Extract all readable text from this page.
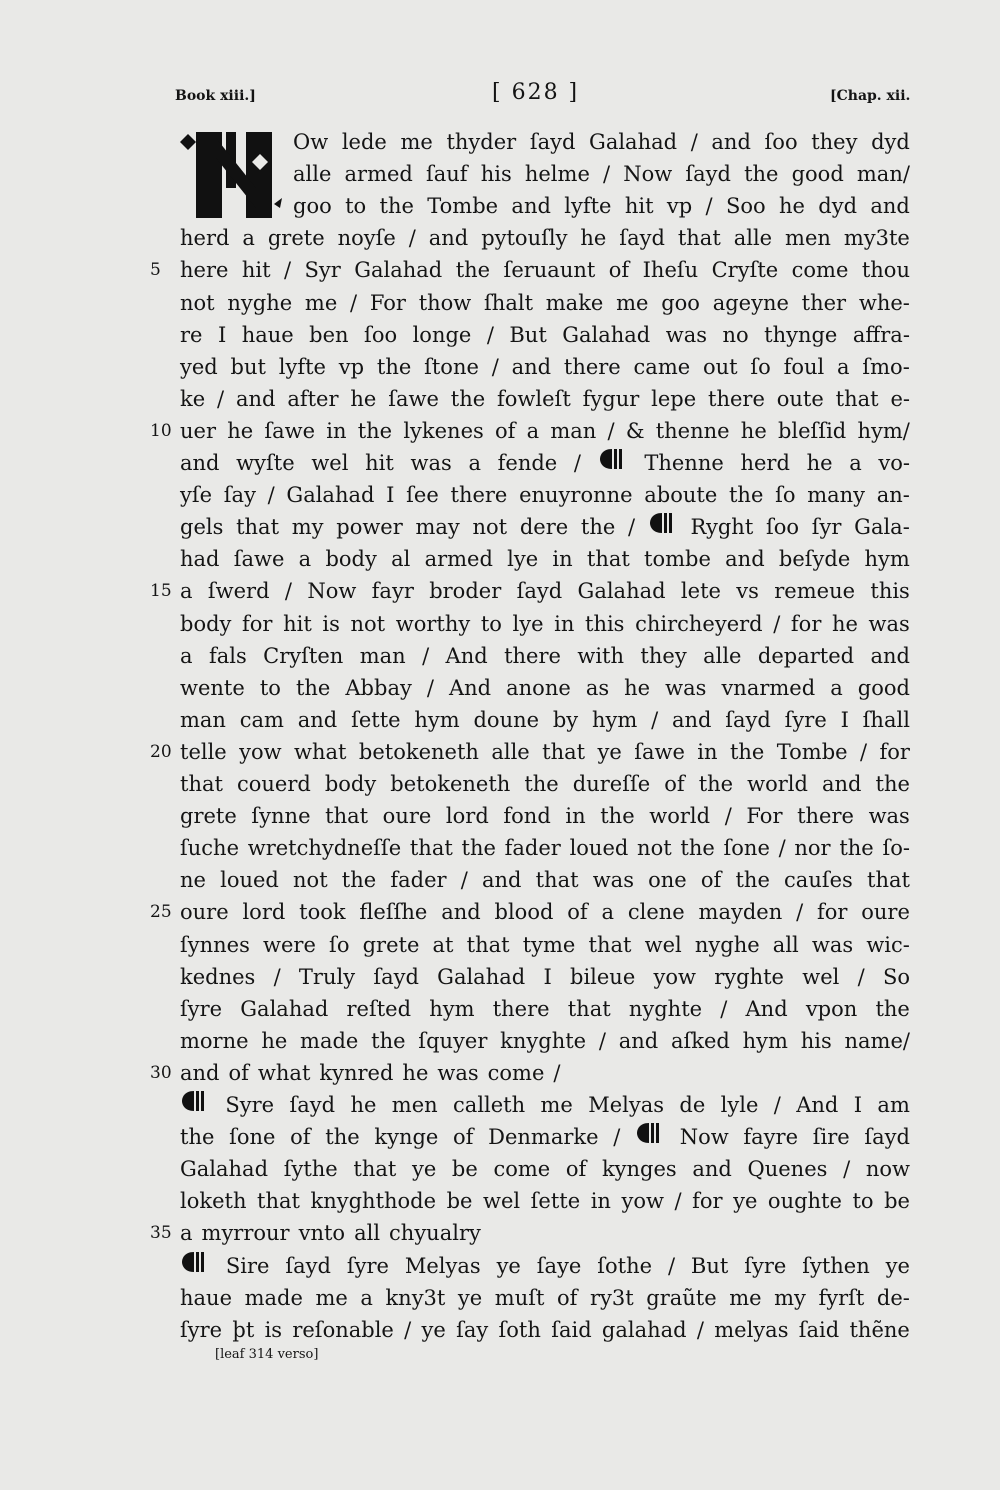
Book xiii.]	[ 628 ]	[Chap. xii.
Ow lede me thyder ſayd Galahad / and ſoo they dyd
alle armed ſauf his helme / Now ſayd the good man/
goo to the Tombe and lyfte hit vp / Soo he dyd and
herd a grete noyſe / and pytouſly he ſayd that alle men my3te
here hit / Syr Galahad the ſeruaunt of Iheſu Cryſte come thou
5
not nyghe me / For thow ſhalt make me goo ageyne ther whe-
re I haue ben ſoo longe / But Galahad was no thynge affra-
yed but lyfte vp the ſtone / and there came out ſo foul a ſmo-
ke / and after he ſawe the fowleſt fygur lepe there oute that e-
uer he ſawe in the lykenes of a man / & thenne he bleſſid hym/
10
and wyſte wel hit was a fende /	Thenne herd he a vo-
yſe ſay / Galahad I ſee there enuyronne aboute the ſo many an-
gels that my power may not dere the /	Ryght ſoo ſyr Gala-
had ſawe a body al armed lye in that tombe and beſyde hym
a ſwerd / Now fayr broder ſayd Galahad lete vs remeue this
15
body for hit is not worthy to lye in this chircheyerd / for he was
a fals Cryſten man / And there with they alle departed and
wente to the Abbay / And anone as he was vnarmed a good
man cam and ſette hym doune by hym / and ſayd ſyre I ſhall
telle yow what betokeneth alle that ye ſawe in the Tombe / for
20
that couerd body betokeneth the dureſſe of the world and the
grete ſynne that oure lord fond in the world / For there was
ſuche wretchydneſſe that the fader loued not the ſone / nor the ſo-
ne loued not the fader / and that was one of the cauſes that
oure lord took fleſſhe and blood of a clene mayden / for oure
25
ſynnes were ſo grete at that tyme that wel nyghe all was wic-
kednes / Truly ſayd Galahad I bileue yow ryghte wel / So
ſyre Galahad reſted hym there that nyghte / And vpon the
morne he made the ſquyer knyghte / and aſked hym his name/
and of what kynred he was come /
30
Syre ſayd he men calleth me Melyas de lyle / And I am
the ſone of the kynge of Denmarke /	Now fayre ſire ſayd
Galahad ſythe that ye be come of kynges and Quenes / now
loketh that knyghthode be wel ſette in yow / for ye oughte to be
a myrrour vnto all chyualry
35
Sire ſayd ſyre Melyas ye ſaye ſothe / But ſyre ſythen ye
haue made me a kny3t ye muſt of ry3t graũte me my fyrſt de-
ſyre þt is reſonable / ye ſay ſoth ſaid galahad / melyas ſaid thẽne
[leaf 314 verso]
